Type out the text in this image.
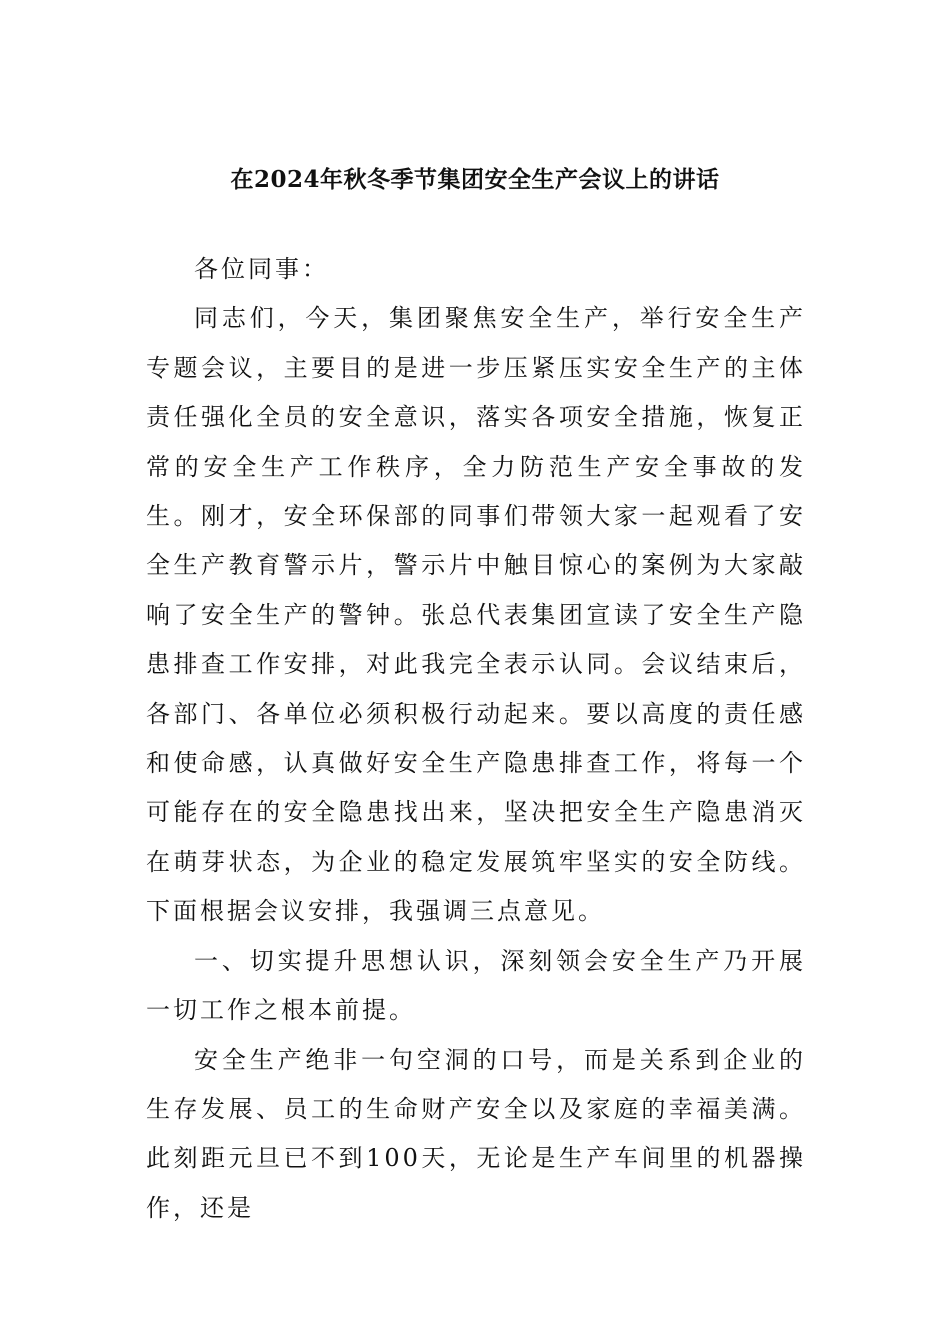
在2024年秋冬季节集团安全生产会议上的讲话

各位同事：

同志们，今天，集团聚焦安全生产，举行安全生产专题会议，主要目的是进一步压紧压实安全生产的主体责任强化全员的安全意识，落实各项安全措施，恢复正常的安全生产工作秩序，全力防范生产安全事故的发生。刚才，安全环保部的同事们带领大家一起观看了安全生产教育警示片，警示片中触目惊心的案例为大家敲响了安全生产的警钟。张总代表集团宣读了安全生产隐患排查工作安排，对此我完全表示认同。会议结束后，各部门、各单位必须积极行动起来。要以高度的责任感和使命感，认真做好安全生产隐患排查工作，将每一个可能存在的安全隐患找出来，坚决把安全生产隐患消灭在萌芽状态，为企业的稳定发展筑牢坚实的安全防线。下面根据会议安排，我强调三点意见。

一、切实提升思想认识，深刻领会安全生产乃开展一切工作之根本前提。

安全生产绝非一句空洞的口号，而是关系到企业的生存发展、员工的生命财产安全以及家庭的幸福美满。此刻距元旦已不到100天，无论是生产车间里的机器操作，还是
